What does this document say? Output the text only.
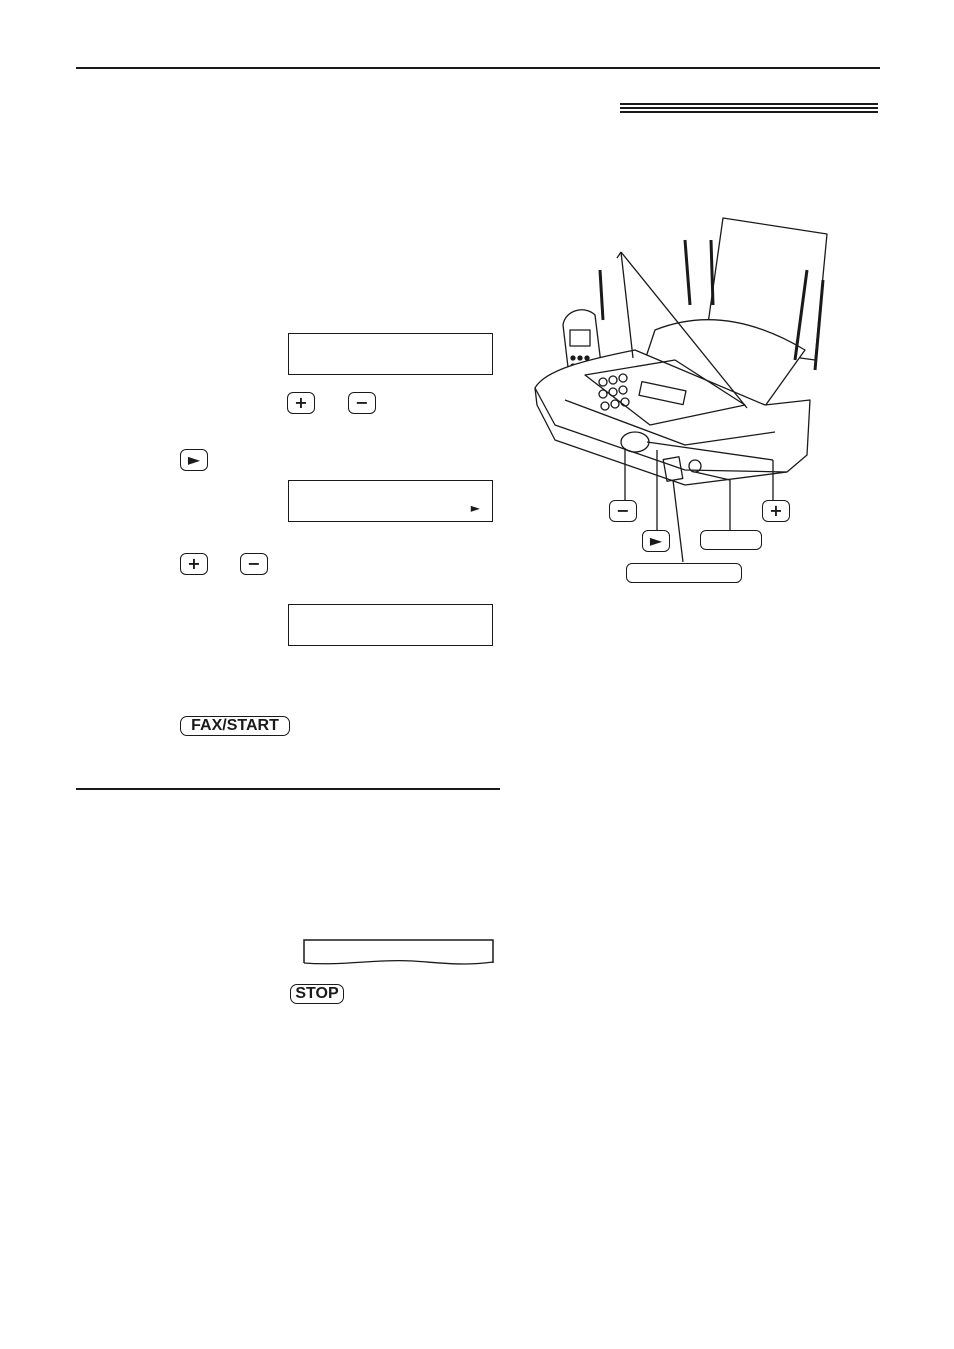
+	−
►
►
+	−
FAX/START
STOP
−	+
►
